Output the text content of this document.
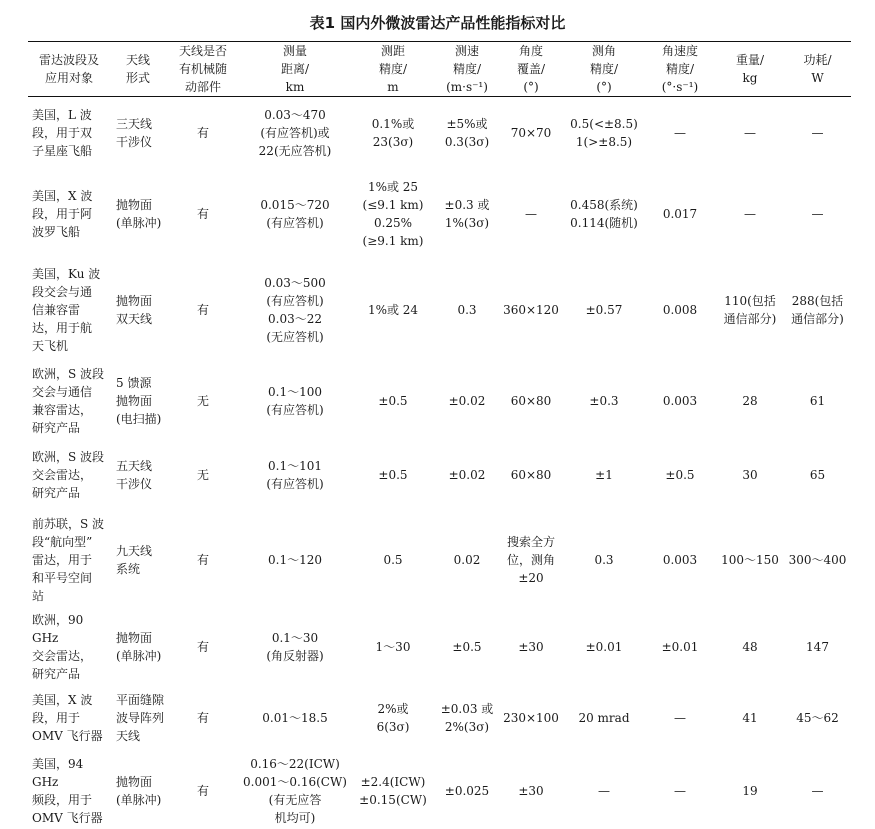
表1 国内外微波雷达产品性能指标对比
雷达波段及
应用对象	天线
形式	天线是否
有机械随
动部件	测量
距离/
km	测距
精度/
m	测速
精度/
(m·s⁻¹)	角度
覆盖/
(°)	测角
精度/
(°)	角速度
精度/
(°·s⁻¹)	重量/
kg	功耗/
W
美国，L 波
段，用于双
子星座飞船	三天线
干涉仪	有	0.03～470
(有应答机)或
22(无应答机)	0.1%或
23(3σ)	±5%或
0.3(3σ)	70×70	0.5(<±8.5)
1(>±8.5)	—	—	—
美国，X 波
段，用于阿
波罗飞船	抛物面
(单脉冲)	有	0.015～720
(有应答机)	1%或 25
(≤9.1 km)
0.25%
(≥9.1 km)	±0.3 或
1%(3σ)	—	0.458(系统)
0.114(随机)	0.017	—	—
美国，Ku 波
段交会与通
信兼容雷
达，用于航
天飞机	抛物面
双天线	有	0.03～500
(有应答机)
0.03～22
(无应答机)	1%或 24	0.3	360×120	±0.57	0.008	110(包括
通信部分)	288(包括
通信部分)
欧洲，S 波段
交会与通信
兼容雷达，
研究产品	5 馈源
抛物面
(电扫描)	无	0.1～100
(有应答机)	±0.5	±0.02	60×80	±0.3	0.003	28	61
欧洲，S 波段
交会雷达，
研究产品	五天线
干涉仪	无	0.1～101
(有应答机)	±0.5	±0.02	60×80	±1	±0.5	30	65
前苏联，S 波
段“航向型”
雷达，用于
和平号空间
站	九天线
系统	有	0.1～120	0.5	0.02	搜索全方
位，测角
±20	0.3	0.003	100～150	300～400
欧洲，90 GHz
交会雷达，
研究产品	抛物面
(单脉冲)	有	0.1～30
(角反射器)	1～30	±0.5	±30	±0.01	±0.01	48	147
美国，X 波
段，用于
OMV 飞行器	平面缝隙
波导阵列
天线	有	0.01～18.5	2%或
6(3σ)	±0.03 或
2%(3σ)	230×100	20 mrad	—	41	45～62
美国，94 GHz
频段，用于
OMV 飞行器	抛物面
(单脉冲)	有	0.16～22(ICW)
0.001～0.16(CW)
(有无应答
机均可)	±2.4(ICW)
±0.15(CW)	±0.025	±30	—	—	19	—
